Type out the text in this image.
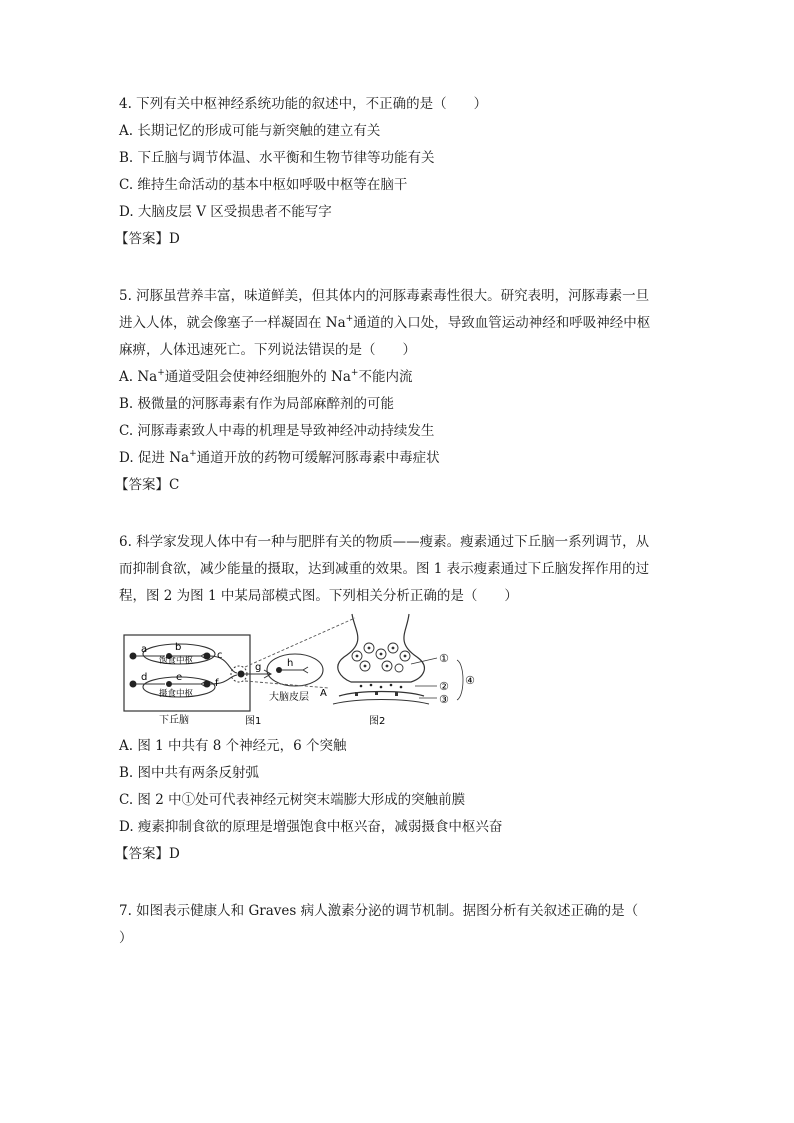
4. 下列有关中枢神经系统功能的叙述中，不正确的是（　　）
A. 长期记忆的形成可能与新突触的建立有关
B. 下丘脑与调节体温、水平衡和生物节律等功能有关
C. 维持生命活动的基本中枢如呼吸中枢等在脑干
D. 大脑皮层 V 区受损患者不能写字
【答案】D
5. 河豚虽营养丰富，味道鲜美，但其体内的河豚毒素毒性很大。研究表明，河豚毒素一旦
进入人体，就会像塞子一样凝固在 Na+通道的入口处，导致血管运动神经和呼吸神经中枢
麻痹，人体迅速死亡。下列说法错误的是（　　）
A. Na+通道受阻会使神经细胞外的 Na+不能内流
B. 极微量的河豚毒素有作为局部麻醉剂的可能
C. 河豚毒素致人中毒的机理是导致神经冲动持续发生
D. 促进 Na+通道开放的药物可缓解河豚毒素中毒症状
【答案】C
6. 科学家发现人体中有一种与肥胖有关的物质——瘦素。瘦素通过下丘脑一系列调节，从
而抑制食欲，减少能量的摄取，达到减重的效果。图 1 表示瘦素通过下丘脑发挥作用的过
程，图 2 为图 1 中某局部模式图。下列相关分析正确的是（　　）
a	b
c
d	e
f
g	h
饱食中枢
摄食中枢
下丘脑
大脑皮层 A
图1	图2
①
②
③
④
A. 图 1 中共有 8 个神经元，6 个突触
B. 图中共有两条反射弧
C. 图 2 中①处可代表神经元树突末端膨大形成的突触前膜
D. 瘦素抑制食欲的原理是增强饱食中枢兴奋，减弱摄食中枢兴奋
【答案】D
7. 如图表示健康人和 Graves 病人激素分泌的调节机制。据图分析有关叙述正确的是（
）
